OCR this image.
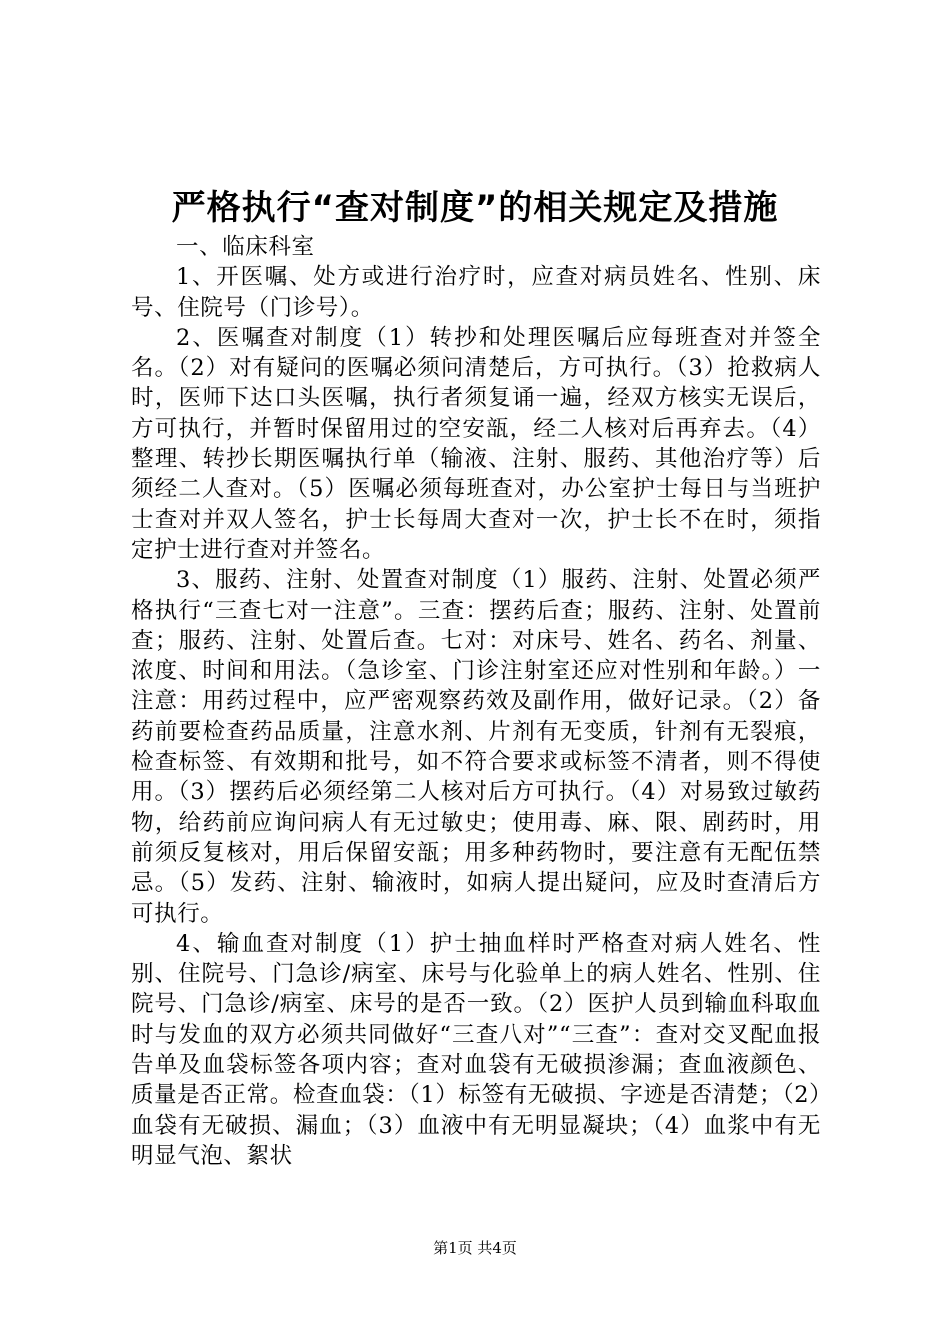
严格执行“查对制度”的相关规定及措施

一、临床科室

1、开医嘱、处方或进行治疗时，应查对病员姓名、性别、床号、住院号（门诊号）。

2、医嘱查对制度（1）转抄和处理医嘱后应每班查对并签全名。（2）对有疑问的医嘱必须问清楚后，方可执行。（3）抢救病人时，医师下达口头医嘱，执行者须复诵一遍，经双方核实无误后，方可执行，并暂时保留用过的空安瓿，经二人核对后再弃去。（4）整理、转抄长期医嘱执行单（输液、注射、服药、其他治疗等）后须经二人查对。（5）医嘱必须每班查对，办公室护士每日与当班护士查对并双人签名，护士长每周大查对一次，护士长不在时，须指定护士进行查对并签名。

3、服药、注射、处置查对制度（1）服药、注射、处置必须严格执行“三查七对一注意”。三查：摆药后查；服药、注射、处置前查；服药、注射、处置后查。七对：对床号、姓名、药名、剂量、浓度、时间和用法。（急诊室、门诊注射室还应对性别和年龄。）一注意：用药过程中，应严密观察药效及副作用，做好记录。（2）备药前要检查药品质量，注意水剂、片剂有无变质，针剂有无裂痕，检查标签、有效期和批号，如不符合要求或标签不清者，则不得使用。（3）摆药后必须经第二人核对后方可执行。（4）对易致过敏药物，给药前应询问病人有无过敏史；使用毒、麻、限、剧药时，用前须反复核对，用后保留安瓿；用多种药物时，要注意有无配伍禁忌。（5）发药、注射、输液时，如病人提出疑问，应及时查清后方可执行。

4、输血查对制度（1）护士抽血样时严格查对病人姓名、性别、住院号、门急诊/病室、床号与化验单上的病人姓名、性别、住院号、门急诊/病室、床号的是否一致。（2）医护人员到输血科取血时与发血的双方必须共同做好“三查八对”“三查”：查对交叉配血报告单及血袋标签各项内容；查对血袋有无破损渗漏；查血液颜色、质量是否正常。检查血袋：（1）标签有无破损、字迹是否清楚；（2）血袋有无破损、漏血；（3）血液中有无明显凝块；（4）血浆中有无明显气泡、絮状

第1页 共4页
